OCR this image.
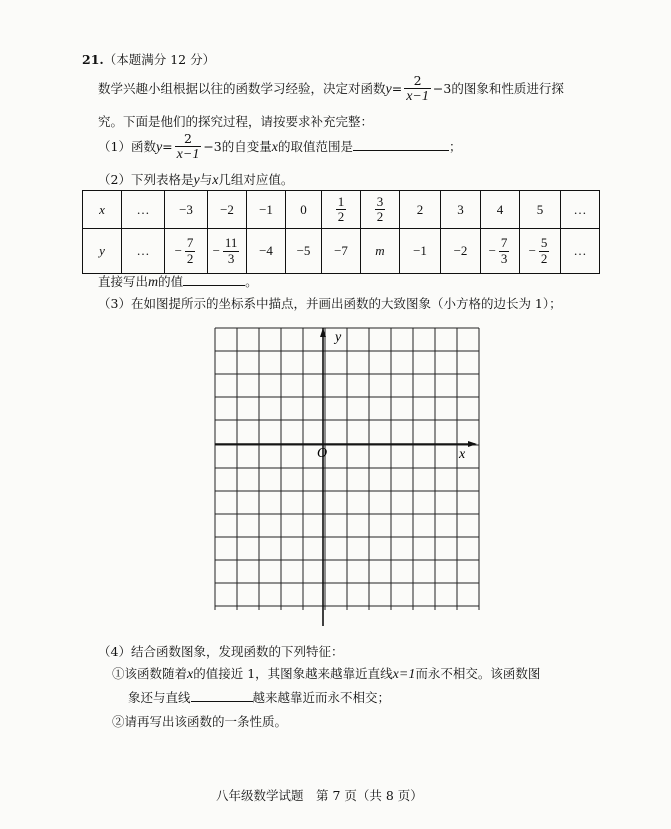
21.（本题满分 12 分）
数学兴趣小组根据以往的函数学习经验，决定对函数$y= \frac{2}{x-1} -3$的图象和性质进行探
究。下面是他们的探究过程，请按要求补充完整：
（1）函数$y= \frac{2}{x-1} -3$的自变量x的取值范围是	；
（2）下列表格是y与x几组对应值。
x	…	−3	−2	−1	0	$\frac{1}{2}$	$\frac{3}{2}$	2	3	4	5	…
y	…	− $\frac{7}{2}$	− $\frac{11}{3}$	−4	−5	−7	m	−1	−2	− $\frac{7}{3}$	− $\frac{5}{2}$	…
直接写出m的值	。
（3）在如图提所示的坐标系中描点，并画出函数的大致图象（小方格的边长为 1）；
y
x
O
（4）结合函数图象，发现函数的下列特征：
①该函数随着x的值接近 1，其图象越来越靠近直线x=1而永不相交。该函数图
象还与直线	越来越靠近而永不相交；
②请再写出该函数的一条性质。
八年级数学试题　第 7 页（共 8 页）
